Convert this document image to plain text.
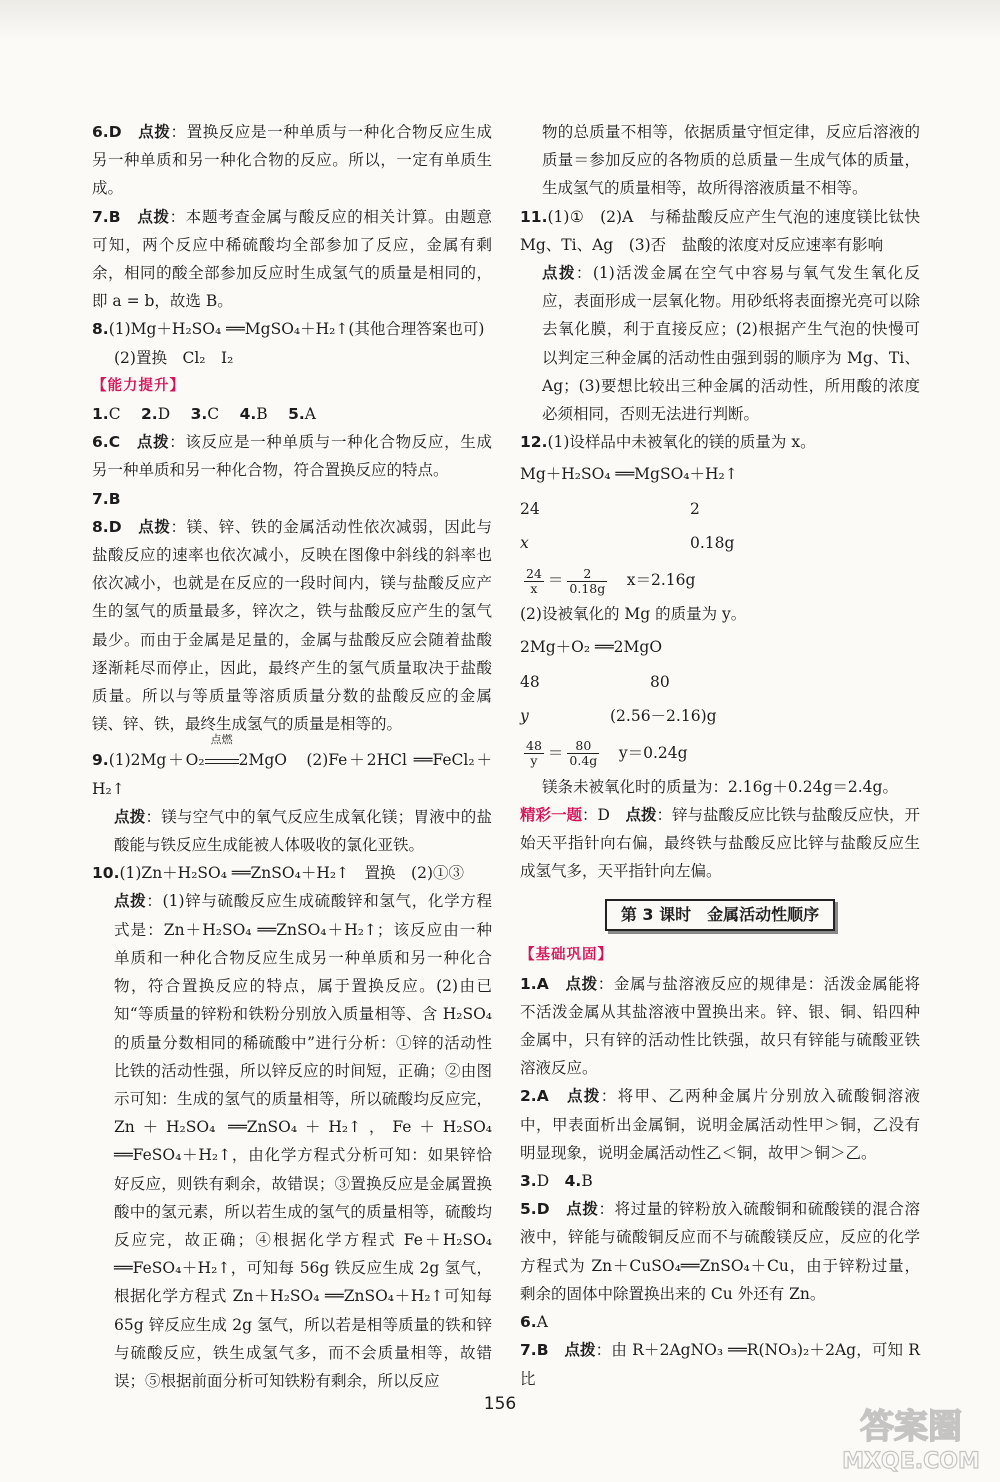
6.D　 点拨：置换反应是一种单质与一种化合物反应生成另一种单质和另一种化合物的反应。所以，一定有单质生成。

7.B　 点拨：本题考查金属与酸反应的相关计算。由题意可知，两个反应中稀硫酸均全部参加了反应，金属有剩余，相同的酸全部参加反应时生成氢气的质量是相同的，即 a = b，故选 B。

8.(1)Mg＋H₂SO₄ ══MgSO₄＋H₂↑(其他合理答案也可)

(2)置换　Cl₂　I₂

【能力提升】

1.C　 2.D　 3.C　 4.B　 5.A

6.C　 点拨：该反应是一种单质与一种化合物反应，生成另一种单质和另一种化合物，符合置换反应的特点。

7.B

8.D　 点拨：镁、锌、铁的金属活动性依次减弱，因此与盐酸反应的速率也依次减小，反映在图像中斜线的斜率也依次减小，也就是在反应的一段时间内，镁与盐酸反应产生的氢气的质量最多，锌次之，铁与盐酸反应产生的氢气最少。而由于金属是足量的，金属与盐酸反应会随着盐酸逐渐耗尽而停止，因此，最终产生的氢气质量取决于盐酸质量。所以与等质量等溶质质量分数的盐酸反应的金属镁、锌、铁，最终生成氢气的质量是相等的。

9.(1)2Mg＋O₂
点燃
2MgO　(2)Fe＋2HCl ══FeCl₂＋H₂↑

点拨：镁与空气中的氧气反应生成氧化镁；胃液中的盐酸能与铁反应生成能被人体吸收的氯化亚铁。

10.(1)Zn＋H₂SO₄ ══ZnSO₄＋H₂↑　置换　(2)①③

点拨：(1)锌与硫酸反应生成硫酸锌和氢气，化学方程式是：Zn＋H₂SO₄ ══ZnSO₄＋H₂↑；该反应由一种单质和一种化合物反应生成另一种单质和另一种化合物，符合置换反应的特点，属于置换反应。(2)由已知“等质量的锌粉和铁粉分别放入质量相等、含 H₂SO₄ 的质量分数相同的稀硫酸中”进行分析：①锌的活动性比铁的活动性强，所以锌反应的时间短，正确；②由图示可知：生成的氢气的质量相等，所以硫酸均反应完，Zn＋H₂SO₄ ══ZnSO₄＋H₂↑，Fe＋H₂SO₄ ══FeSO₄＋H₂↑，由化学方程式分析可知：如果锌恰好反应，则铁有剩余，故错误；③置换反应是金属置换酸中的氢元素，所以若生成的氢气的质量相等，硫酸均反应完，故正确；④根据化学方程式 Fe＋H₂SO₄ ══FeSO₄＋H₂↑，可知每 56g 铁反应生成 2g 氢气，根据化学方程式 Zn＋H₂SO₄ ══ZnSO₄＋H₂↑可知每 65g 锌反应生成 2g 氢气，所以若是相等质量的铁和锌与硫酸反应，铁生成氢气多，而不会质量相等，故错误；⑤根据前面分析可知铁粉有剩余，所以反应

物的总质量不相等，依据质量守恒定律，反应后溶液的质量＝参加反应的各物质的总质量－生成气体的质量，生成氢气的质量相等，故所得溶液质量不相等。

11.(1)①　(2)A　与稀盐酸反应产生气泡的速度镁比钛快　Mg、Ti、Ag　(3)否　盐酸的浓度对反应速率有影响

点拨：(1)活泼金属在空气中容易与氧气发生氧化反应，表面形成一层氧化物。用砂纸将表面擦光亮可以除去氧化膜，利于直接反应；(2)根据产生气泡的快慢可以判定三种金属的活动性由强到弱的顺序为 Mg、Ti、Ag；(3)要想比较出三种金属的活动性，所用酸的浓度必须相同，否则无法进行判断。

12.(1)设样品中未被氧化的镁的质量为 x。

Mg＋H₂SO₄ ══MgSO₄＋H₂↑

24	2

x	0.18g

$\frac{24}{x} = \frac{2}{0.18g}$
　 x＝2.16g

(2)设被氧化的 Mg 的质量为 y。

2Mg＋O₂ ══2MgO

48	80

y	(2.56－2.16)g

$\frac{48}{y} = \frac{80}{0.4g}$
　 y＝0.24g

镁条未被氧化时的质量为：2.16g＋0.24g＝2.4g。

精彩一题：D　 点拨：锌与盐酸反应比铁与盐酸反应快，开始天平指针向右偏，最终铁与盐酸反应比锌与盐酸反应生成氢气多，天平指针向左偏。

第 3 课时　金属活动性顺序

【基础巩固】

1.A　 点拨：金属与盐溶液反应的规律是：活泼金属能将不活泼金属从其盐溶液中置换出来。锌、银、铜、铅四种金属中，只有锌的活动性比铁强，故只有锌能与硫酸亚铁溶液反应。

2.A　 点拨：将甲、乙两种金属片分别放入硫酸铜溶液中，甲表面析出金属铜，说明金属活动性甲＞铜，乙没有明显现象，说明金属活动性乙＜铜，故甲＞铜＞乙。

3.D　 4.B

5.D　 点拨：将过量的锌粉放入硫酸铜和硫酸镁的混合溶液中，锌能与硫酸铜反应而不与硫酸镁反应，反应的化学方程式为 Zn＋CuSO₄══ZnSO₄＋Cu，由于锌粉过量，剩余的固体中除置换出来的 Cu 外还有 Zn。

6.A

7.B　 点拨：由 R＋2AgNO₃ ══R(NO₃)₂＋2Ag，可知 R 比

156
答案圈
MXQE.COM
